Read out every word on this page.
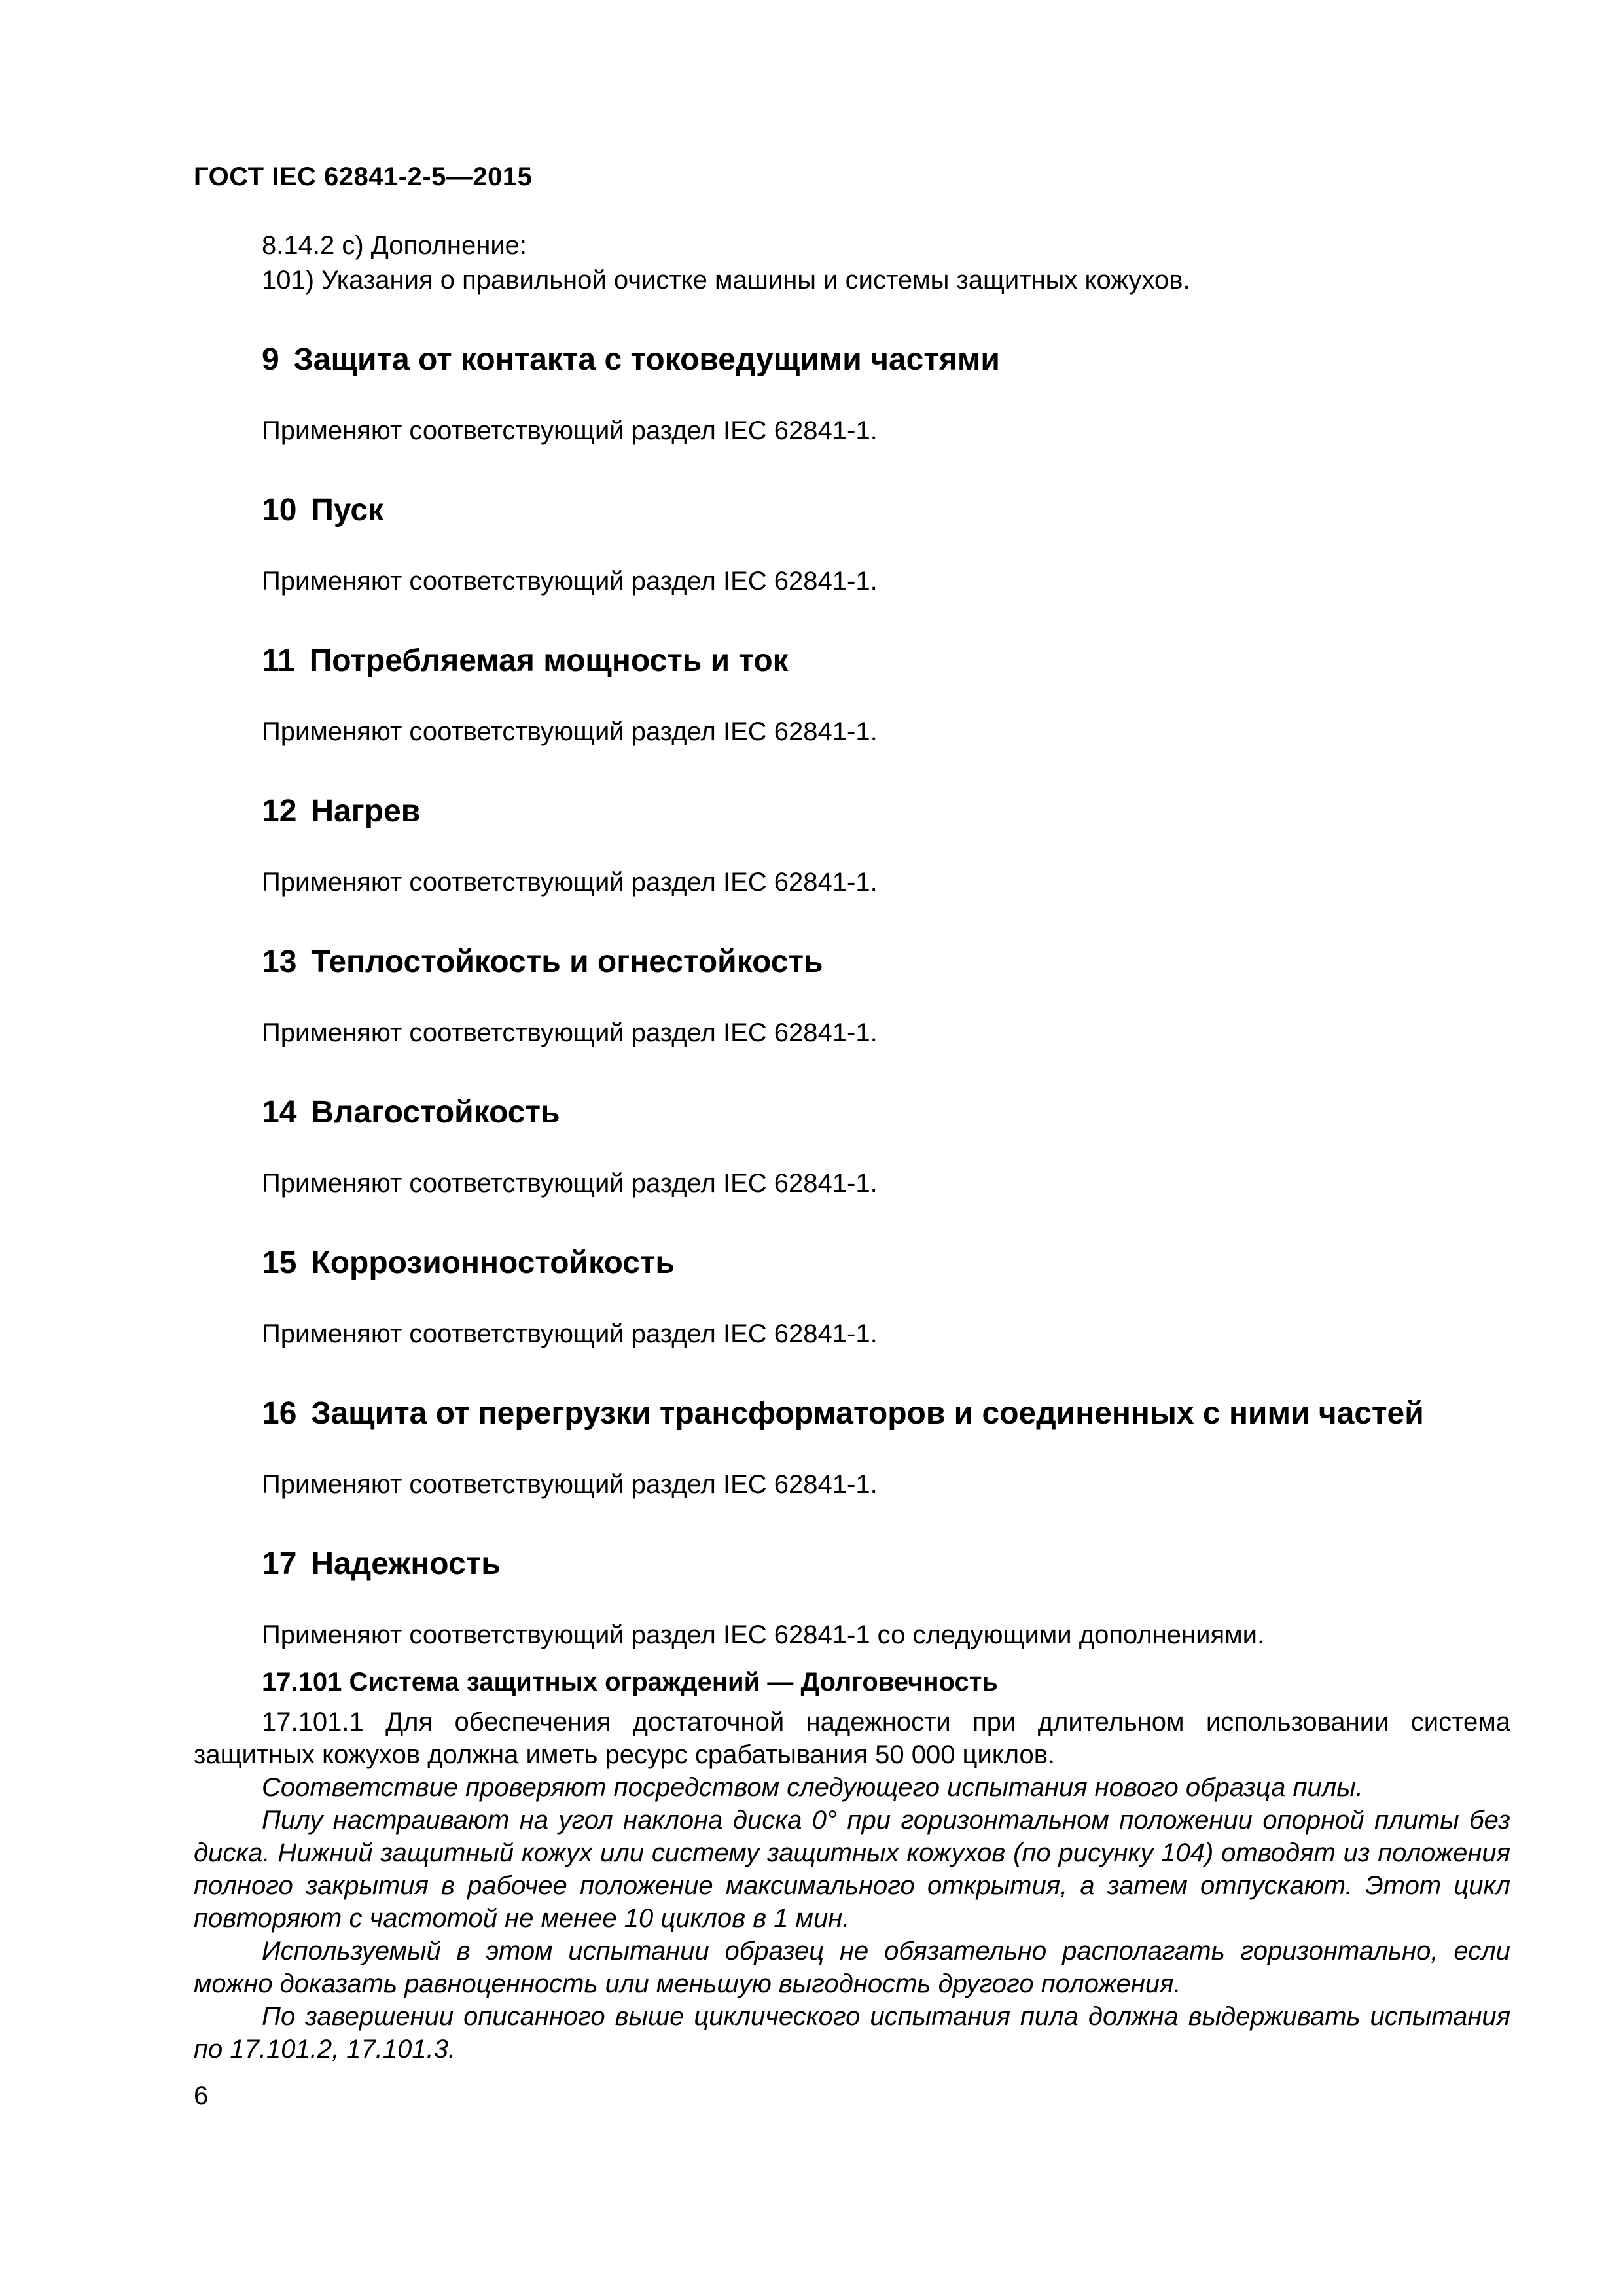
ГОСТ IEC 62841-2-5—2015
8.14.2 c) Дополнение:
101) Указания о правильной очистке машины и системы защитных кожухов.
9 Защита от контакта с токоведущими частями
Применяют соответствующий раздел IEC 62841-1.
10 Пуск
Применяют соответствующий раздел IEC 62841-1.
11 Потребляемая мощность и ток
Применяют соответствующий раздел IEC 62841-1.
12 Нагрев
Применяют соответствующий раздел IEC 62841-1.
13 Теплостойкость и огнестойкость
Применяют соответствующий раздел IEC 62841-1.
14 Влагостойкость
Применяют соответствующий раздел IEC 62841-1.
15 Коррозионностойкость
Применяют соответствующий раздел IEC 62841-1.
16 Защита от перегрузки трансформаторов и соединенных с ними частей
Применяют соответствующий раздел IEC 62841-1.
17 Надежность
Применяют соответствующий раздел IEC 62841-1 со следующими дополнениями.
17.101 Система защитных ограждений — Долговечность

17.101.1 Для обеспечения достаточной надежности при длительном использовании система защитных кожухов должна иметь ресурс срабатывания 50 000 циклов.

Соответствие проверяют посредством следующего испытания нового образца пилы.

Пилу настраивают на угол наклона диска 0° при горизонтальном положении опорной плиты без диска. Нижний защитный кожух или систему защитных кожухов (по рисунку 104) отводят из положения полного закрытия в рабочее положение максимального открытия, а затем отпускают. Этот цикл повторяют с частотой не менее 10 циклов в 1 мин.

Используемый в этом испытании образец не обязательно располагать горизонтально, если можно доказать равноценность или меньшую выгодность другого положения.

По завершении описанного выше циклического испытания пила должна выдерживать испытания по 17.101.2, 17.101.3.

6
